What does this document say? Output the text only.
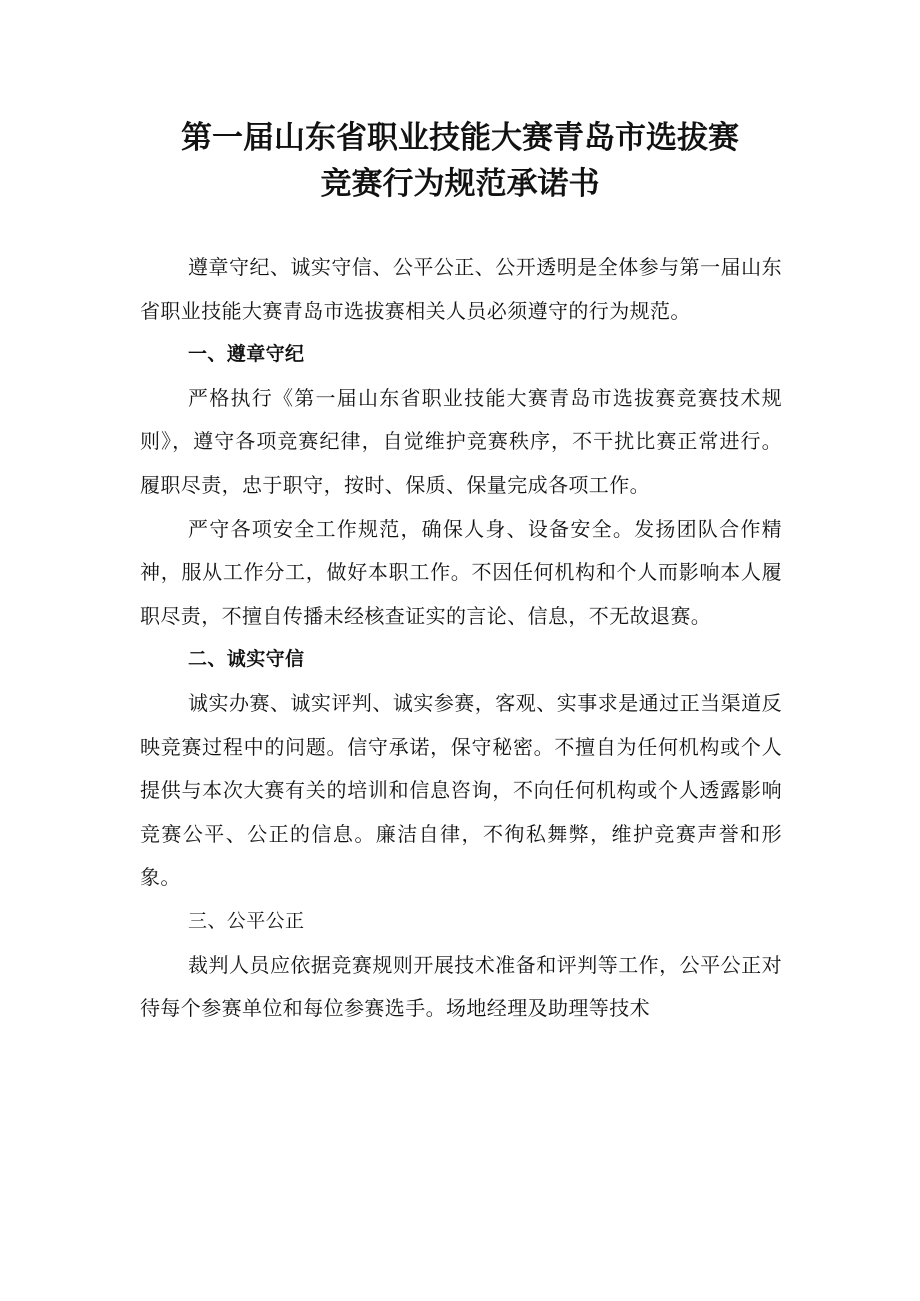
第一届山东省职业技能大赛青岛市选拔赛
竞赛行为规范承诺书

遵章守纪、诚实守信、公平公正、公开透明是全体参与第一届山东省职业技能大赛青岛市选拔赛相关人员必须遵守的行为规范。

一、遵章守纪

严格执行《第一届山东省职业技能大赛青岛市选拔赛竞赛技术规则》，遵守各项竞赛纪律，自觉维护竞赛秩序，不干扰比赛正常进行。履职尽责，忠于职守，按时、保质、保量完成各项工作。

严守各项安全工作规范，确保人身、设备安全。发扬团队合作精神，服从工作分工，做好本职工作。不因任何机构和个人而影响本人履职尽责，不擅自传播未经核查证实的言论、信息，不无故退赛。

二、诚实守信

诚实办赛、诚实评判、诚实参赛，客观、实事求是通过正当渠道反映竞赛过程中的问题。信守承诺，保守秘密。不擅自为任何机构或个人提供与本次大赛有关的培训和信息咨询，不向任何机构或个人透露影响竞赛公平、公正的信息。廉洁自律，不徇私舞弊，维护竞赛声誉和形象。

三、公平公正

裁判人员应依据竞赛规则开展技术准备和评判等工作，公平公正对待每个参赛单位和每位参赛选手。场地经理及助理等技术
